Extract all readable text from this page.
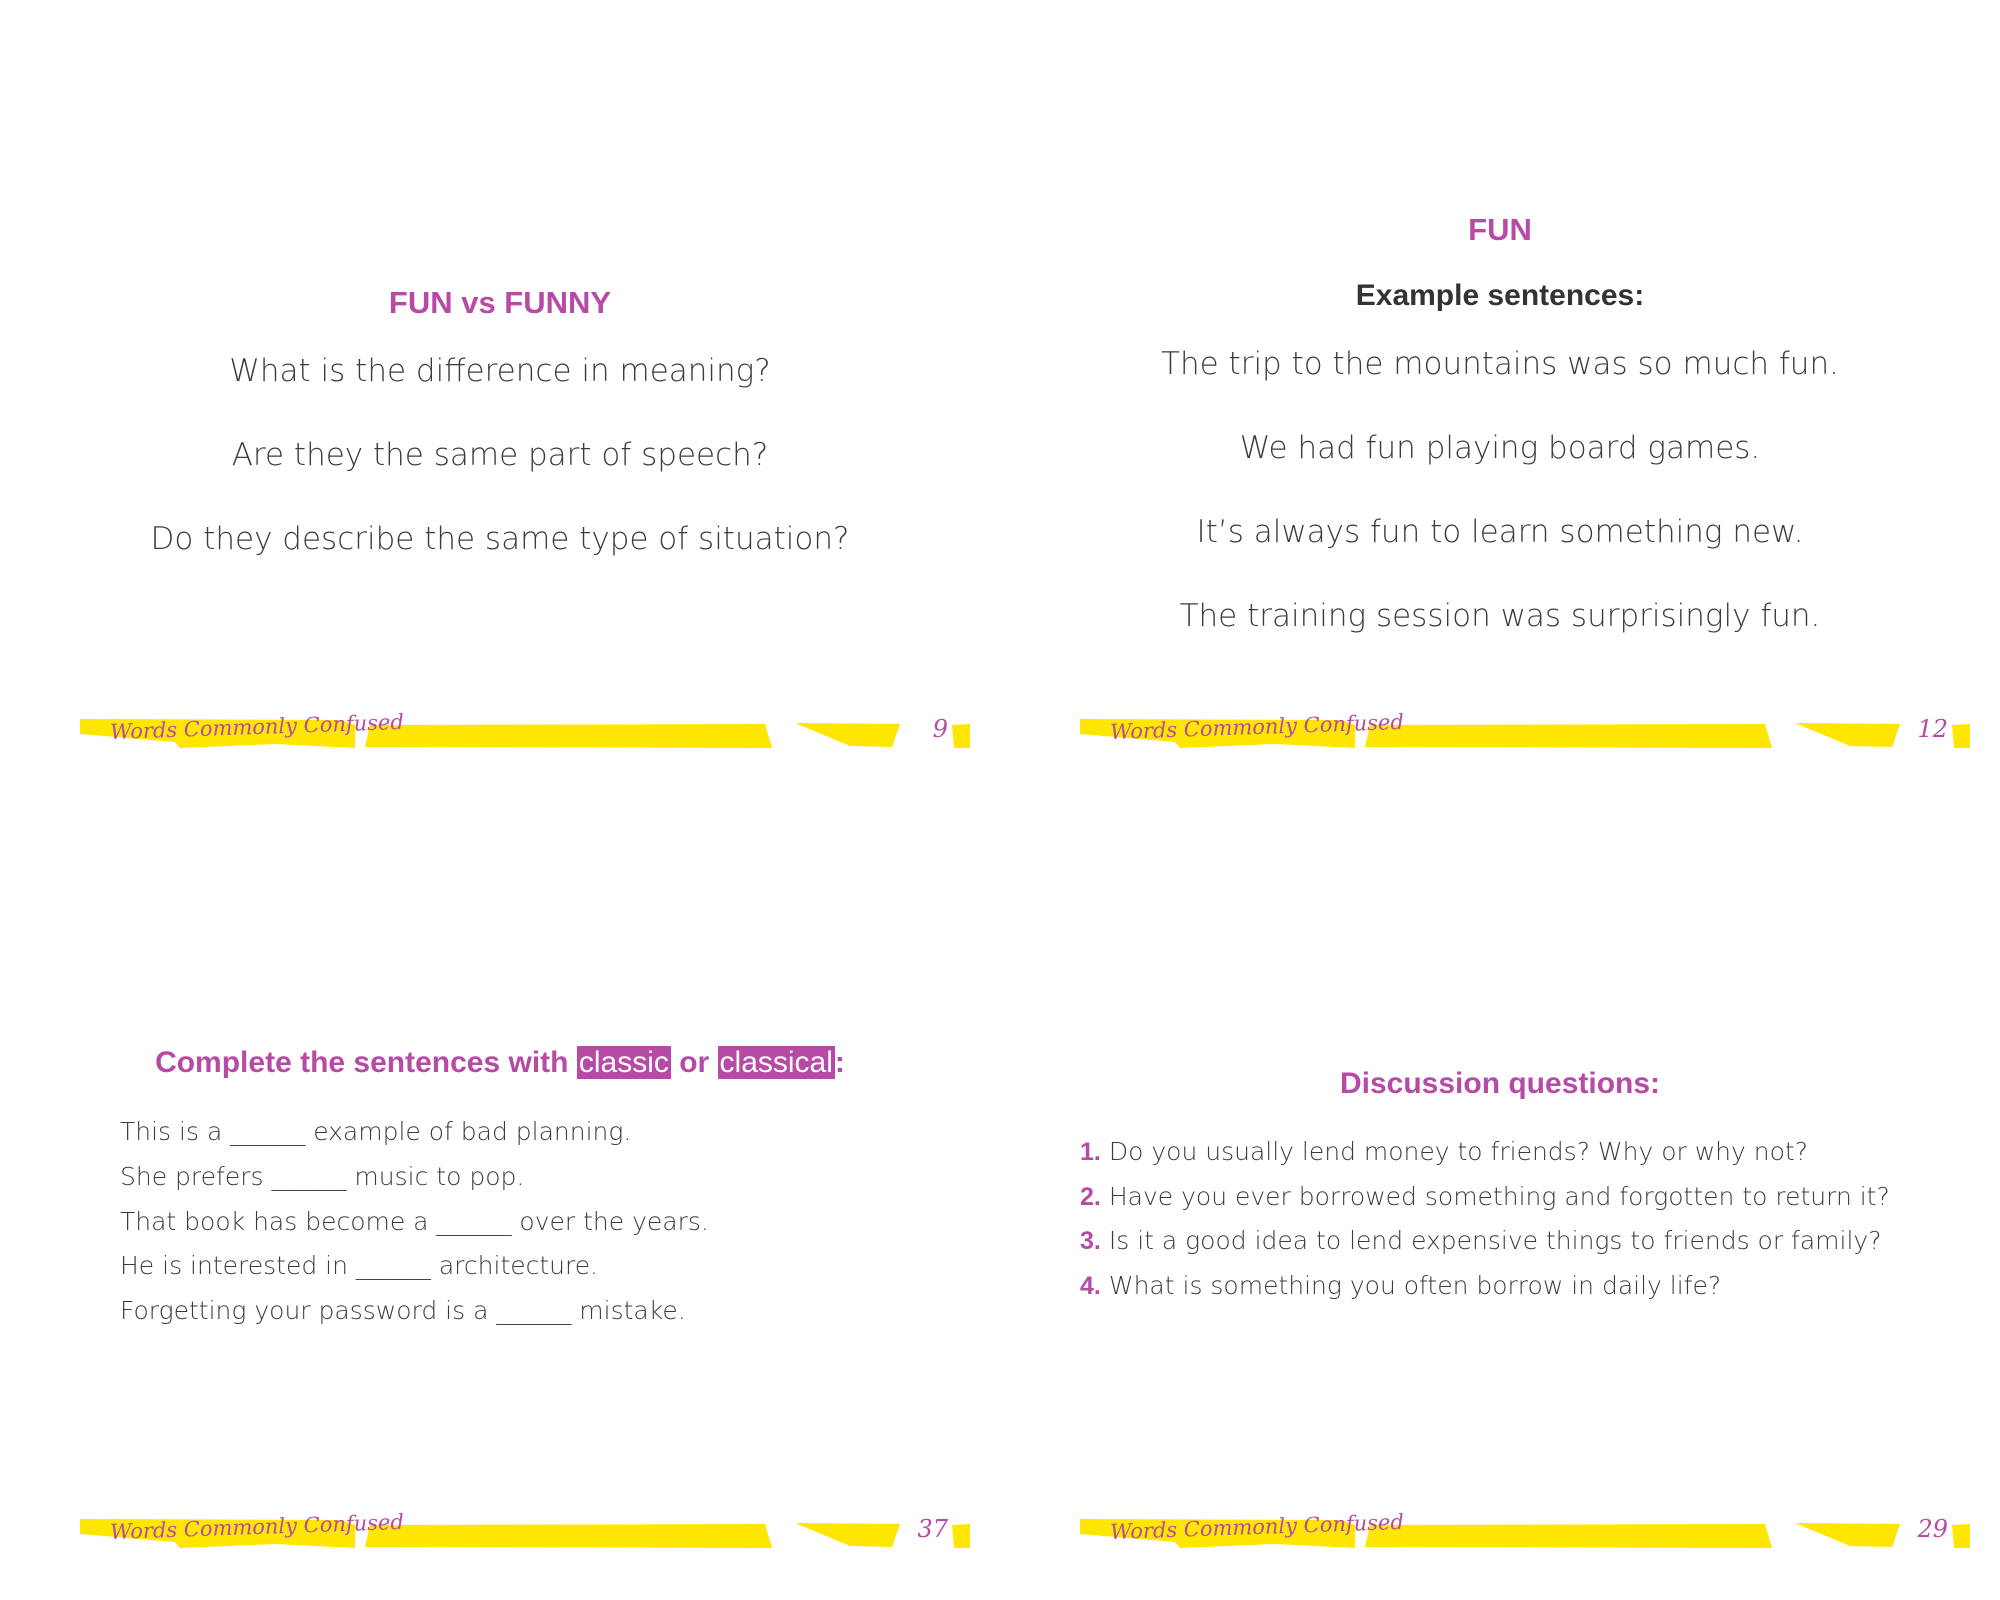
FUN vs FUNNY

What is the difference in meaning?

Are they the same part of speech?

Do they describe the same type of situation?

Words Commonly Confused	9
FUN

Example sentences:

The trip to the mountains was so much fun.

We had fun playing board games.

It’s always fun to learn something new.

The training session was surprisingly fun.

Words Commonly Confused	12
Complete the sentences with classic or classical:

This is a ______ example of bad planning.

She prefers ______ music to pop.

That book has become a ______ over the years.

He is interested in ______ architecture.

Forgetting your password is a ______ mistake.

Words Commonly Confused	37
Discussion questions:

1. Do you usually lend money to friends? Why or why not?

2. Have you ever borrowed something and forgotten to return it?

3. Is it a good idea to lend expensive things to friends or family?

4. What is something you often borrow in daily life?

Words Commonly Confused	29
